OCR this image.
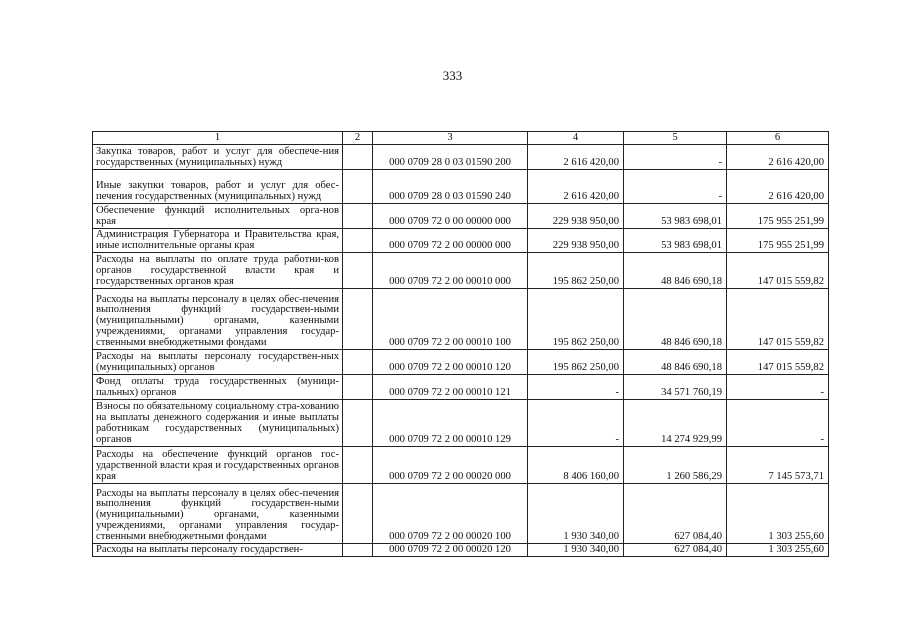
333
1	2	3	4	5	6
Закупка товаров, работ и услуг для обеспече-ния государственных (муниципальных) нужд		000 0709 28 0 03 01590 200	2 616 420,00	-	2 616 420,00
Иные закупки товаров, работ и услуг для обес-печения государственных (муниципальных) нужд		000 0709 28 0 03 01590 240	2 616 420,00	-	2 616 420,00
Обеспечение функций исполнительных орга-нов края		000 0709 72 0 00 00000 000	229 938 950,00	53 983 698,01	175 955 251,99
Администрация Губернатора и Правительства края, иные исполнительные органы края		000 0709 72 2 00 00000 000	229 938 950,00	53 983 698,01	175 955 251,99
Расходы на выплаты по оплате труда работни-ков органов государственной власти края и государственных органов края		000 0709 72 2 00 00010 000	195 862 250,00	48 846 690,18	147 015 559,82
Расходы на выплаты персоналу в целях обес-печения выполнения функций государствен-ными (муниципальными) органами, казенными учреждениями, органами управления государ-ственными внебюджетными фондами		000 0709 72 2 00 00010 100	195 862 250,00	48 846 690,18	147 015 559,82
Расходы на выплаты персоналу государствен-ных (муниципальных) органов		000 0709 72 2 00 00010 120	195 862 250,00	48 846 690,18	147 015 559,82
Фонд оплаты труда государственных (муници-пальных) органов		000 0709 72 2 00 00010 121	-	34 571 760,19	-
Взносы по обязательному социальному стра-хованию на выплаты денежного содержания и иные выплаты работникам государственных (муниципальных) органов		000 0709 72 2 00 00010 129	-	14 274 929,99	-
Расходы на обеспечение функций органов гос-ударственной власти края и государственных органов края		000 0709 72 2 00 00020 000	8 406 160,00	1 260 586,29	7 145 573,71
Расходы на выплаты персоналу в целях обес-печения выполнения функций государствен-ными (муниципальными) органами, казенными учреждениями, органами управления государ-ственными внебюджетными фондами		000 0709 72 2 00 00020 100	1 930 340,00	627 084,40	1 303 255,60
Расходы на выплаты персоналу государствен-		000 0709 72 2 00 00020 120	1 930 340,00	627 084,40	1 303 255,60
